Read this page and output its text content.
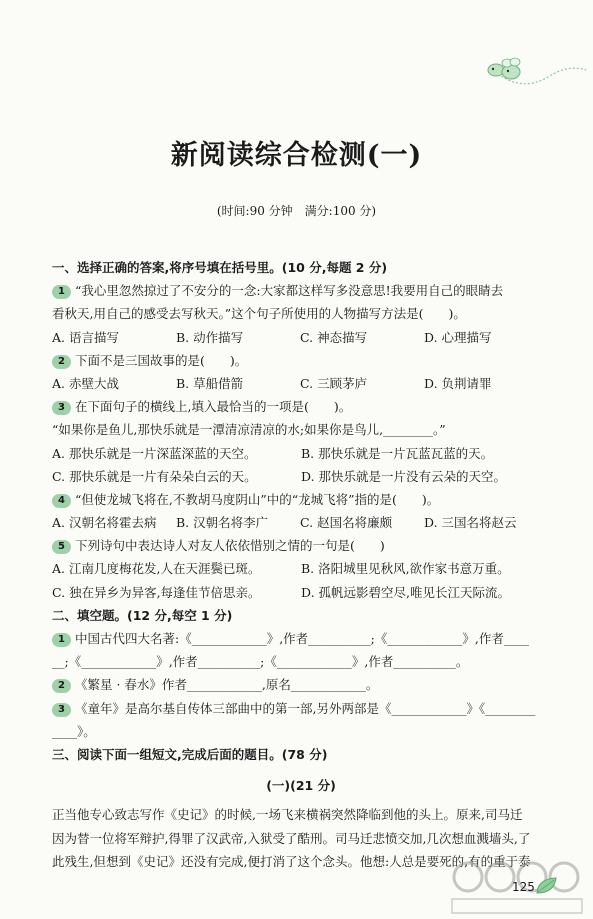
新阅读综合检测(一)
(时间:90 分钟　满分:100 分)
一、选择正确的答案,将序号填在括号里。(10 分,每题 2 分)
1 “我心里忽然掠过了不安分的一念:大家都这样写多没意思!我要用自己的眼睛去
看秋天,用自己的感受去写秋天。”这个句子所使用的人物描写方法是(　　)。
A. 语言描写	B. 动作描写	C. 神态描写	D. 心理描写
2 下面不是三国故事的是(　　)。
A. 赤壁大战	B. 草船借箭	C. 三顾茅庐	D. 负荆请罪
3 在下面句子的横线上,填入最恰当的一项是(　　)。
“如果你是鱼儿,那快乐就是一潭清凉清凉的水;如果你是鸟儿,________。”
A. 那快乐就是一片深蓝深蓝的天空。	B. 那快乐就是一片瓦蓝瓦蓝的天。
C. 那快乐就是一片有朵朵白云的天。	D. 那快乐就是一片没有云朵的天空。
4 “但使龙城飞将在,不教胡马度阴山”中的“龙城飞将”指的是(　　)。
A. 汉朝名将霍去病	B. 汉朝名将李广	C. 赵国名将廉颇	D. 三国名将赵云
5 下列诗句中表达诗人对友人依依惜别之情的一句是(　　)
A. 江南几度梅花发,人在天涯鬓已斑。	B. 洛阳城里见秋风,欲作家书意万重。
C. 独在异乡为异客,每逢佳节倍思亲。	D. 孤帆远影碧空尽,唯见长江天际流。
二、填空题。(12 分,每空 1 分)
1 中国古代四大名著:《____________》,作者__________;《____________》,作者____
__;《____________》,作者__________;《____________》,作者__________。
2 《繁星 · 春水》作者____________,原名____________。
3 《童年》是高尔基自传体三部曲中的第一部,另外两部是《____________》《________
____》。
三、阅读下面一组短文,完成后面的题目。(78 分)
(一)(21 分)
正当他专心致志写作《史记》的时候,一场飞来横祸突然降临到他的头上。原来,司马迁
因为替一位将军辩护,得罪了汉武帝,入狱受了酷刑。司马迁悲愤交加,几次想血溅墙头,了
此残生,但想到《史记》还没有完成,便打消了这个念头。他想:人总是要死的,有的重于泰
125
